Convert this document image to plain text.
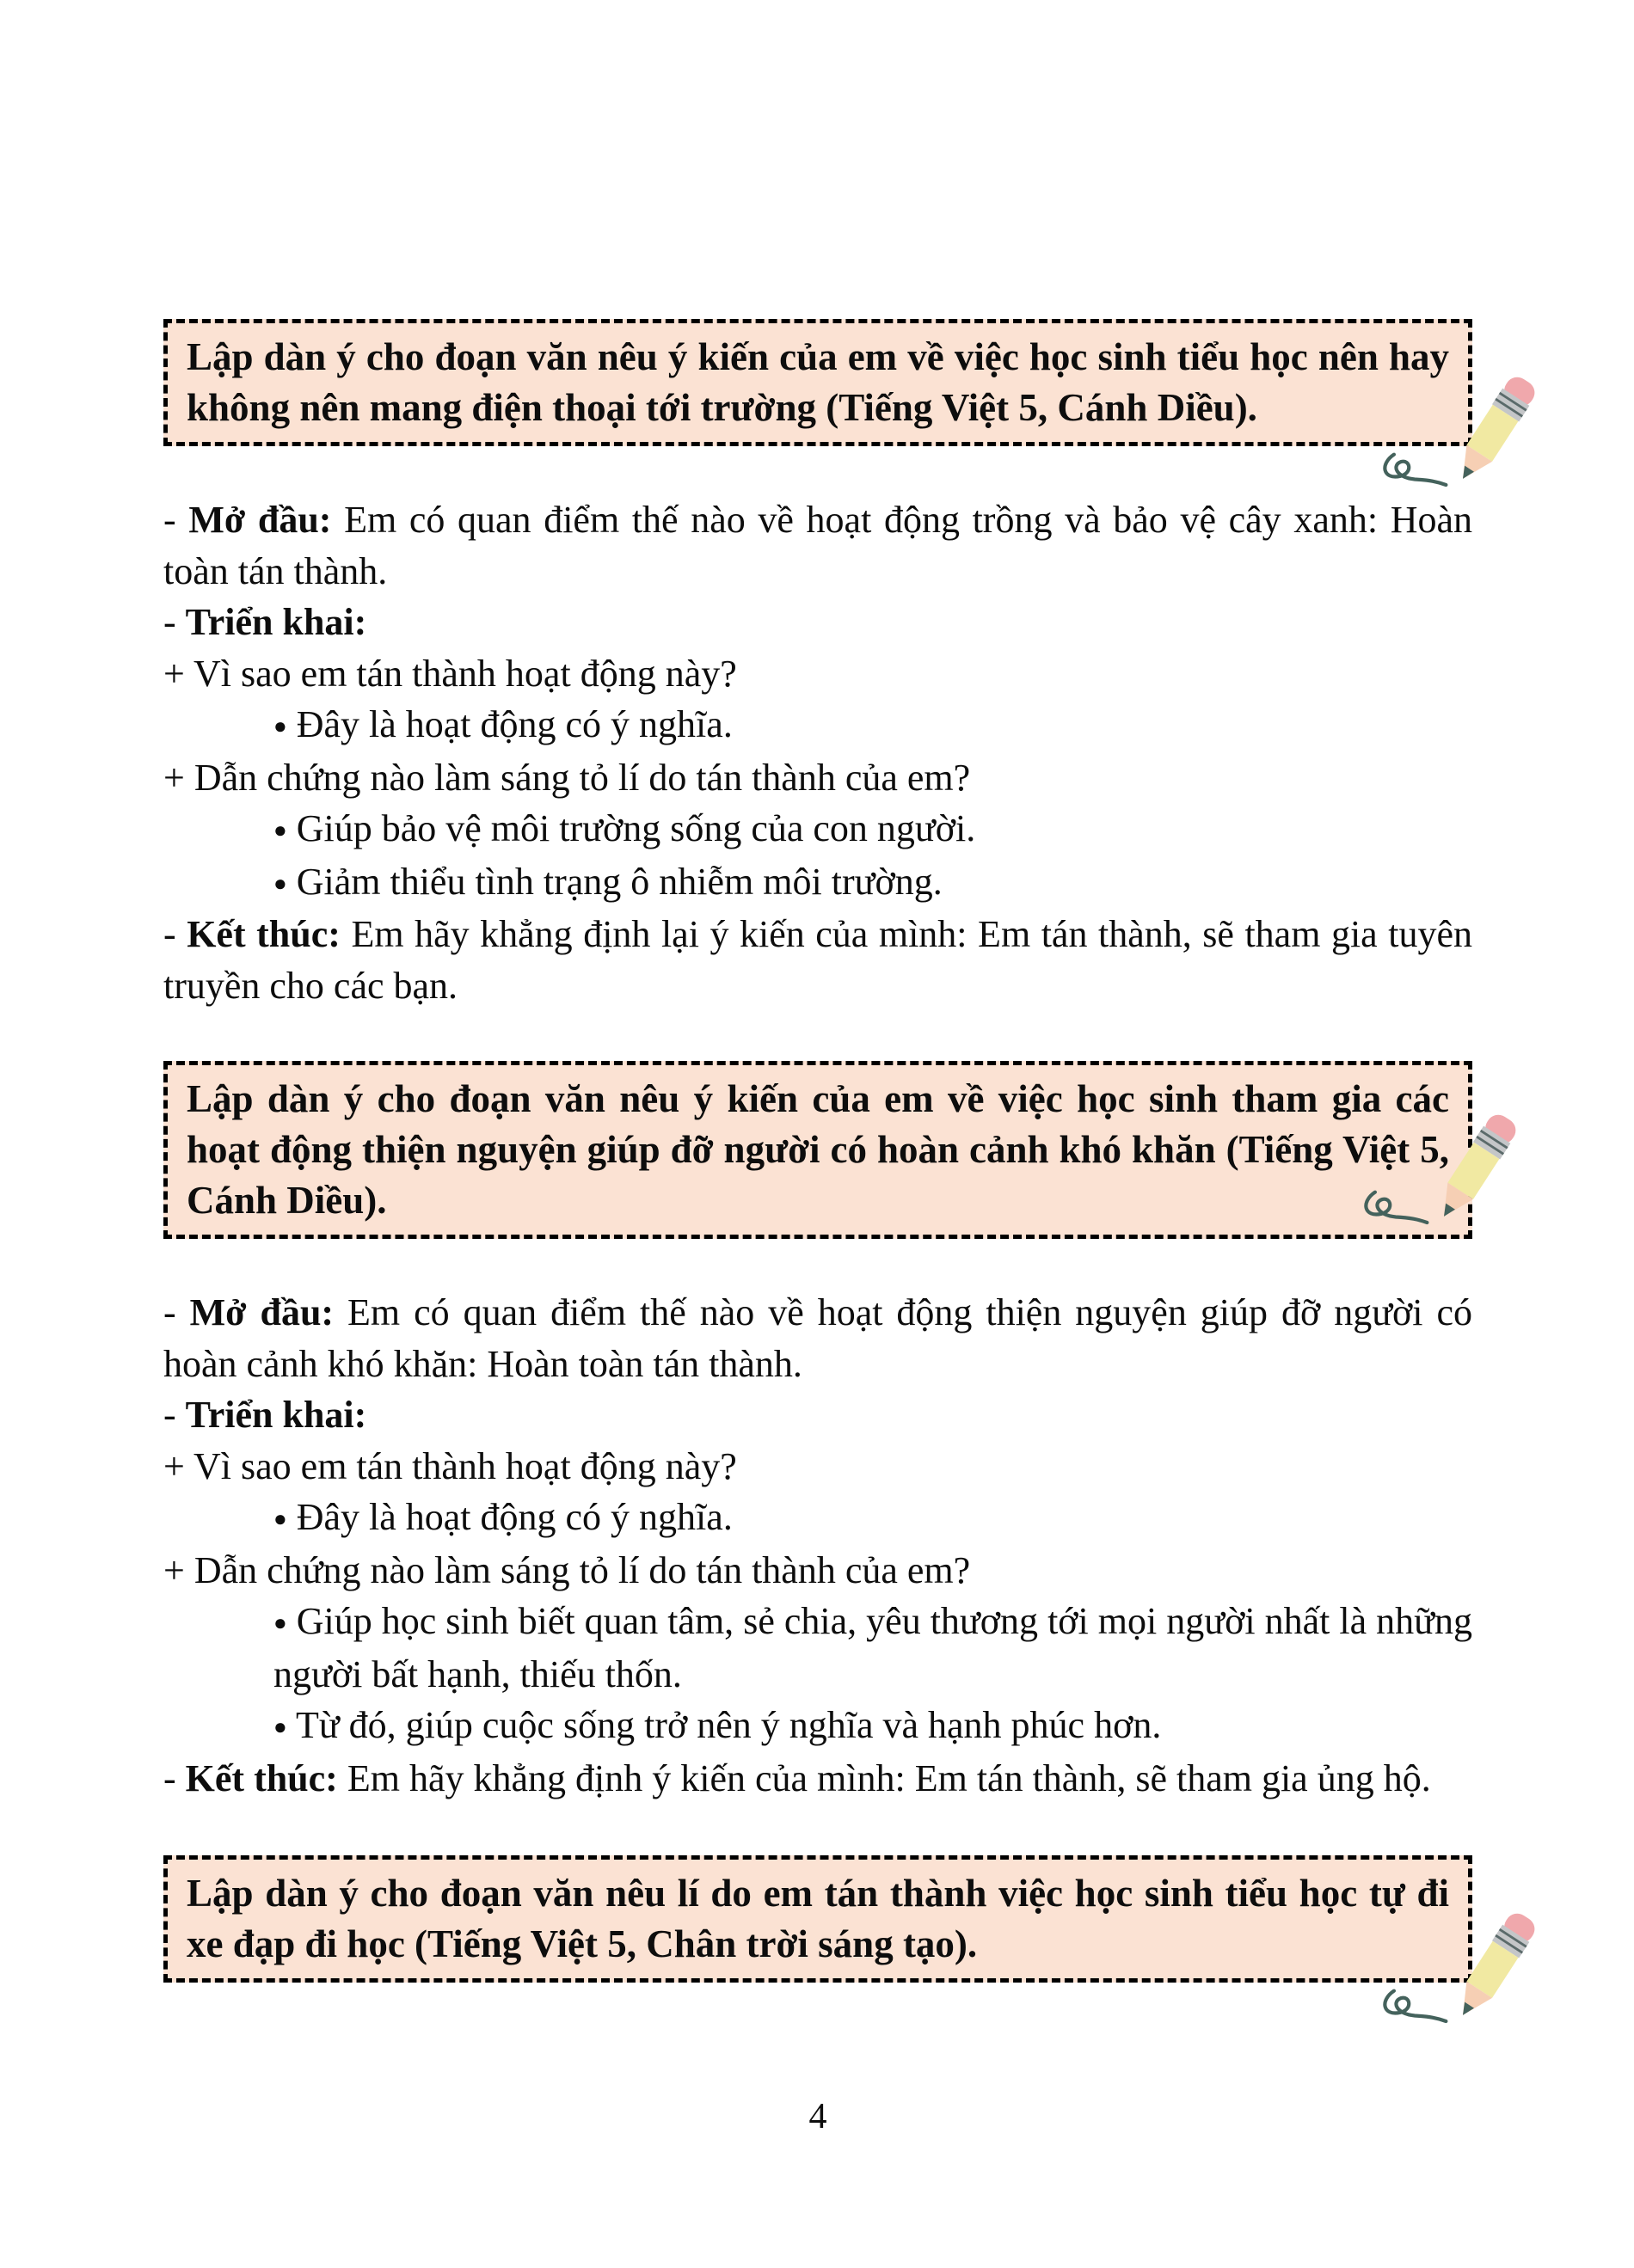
Lập dàn ý cho đoạn văn nêu ý kiến của em về việc học sinh tiểu học nên hay không nên mang điện thoại tới trường (Tiếng Việt 5, Cánh Diều).

- Mở đầu: Em có quan điểm thế nào về hoạt động trồng và bảo vệ cây xanh: Hoàn toàn tán thành.

- Triển khai:

+ Vì sao em tán thành hoạt động này?

● Đây là hoạt động có ý nghĩa.

+ Dẫn chứng nào làm sáng tỏ lí do tán thành của em?

● Giúp bảo vệ môi trường sống của con người.

● Giảm thiểu tình trạng ô nhiễm môi trường.

- Kết thúc: Em hãy khẳng định lại ý kiến của mình: Em tán thành, sẽ tham gia tuyên truyền cho các bạn.

Lập dàn ý cho đoạn văn nêu ý kiến của em về việc học sinh tham gia các hoạt động thiện nguyện giúp đỡ người có hoàn cảnh khó khăn (Tiếng Việt 5, Cánh Diều).

- Mở đầu: Em có quan điểm thế nào về hoạt động thiện nguyện giúp đỡ người có hoàn cảnh khó khăn: Hoàn toàn tán thành.

- Triển khai:

+ Vì sao em tán thành hoạt động này?

● Đây là hoạt động có ý nghĩa.

+ Dẫn chứng nào làm sáng tỏ lí do tán thành của em?

● Giúp học sinh biết quan tâm, sẻ chia, yêu thương tới mọi người nhất là những người bất hạnh, thiếu thốn.

● Từ đó, giúp cuộc sống trở nên ý nghĩa và hạnh phúc hơn.

- Kết thúc: Em hãy khẳng định ý kiến của mình: Em tán thành, sẽ tham gia ủng hộ.

Lập dàn ý cho đoạn văn nêu lí do em tán thành việc học sinh tiểu học tự đi xe đạp đi học (Tiếng Việt 5, Chân trời sáng tạo).
4
